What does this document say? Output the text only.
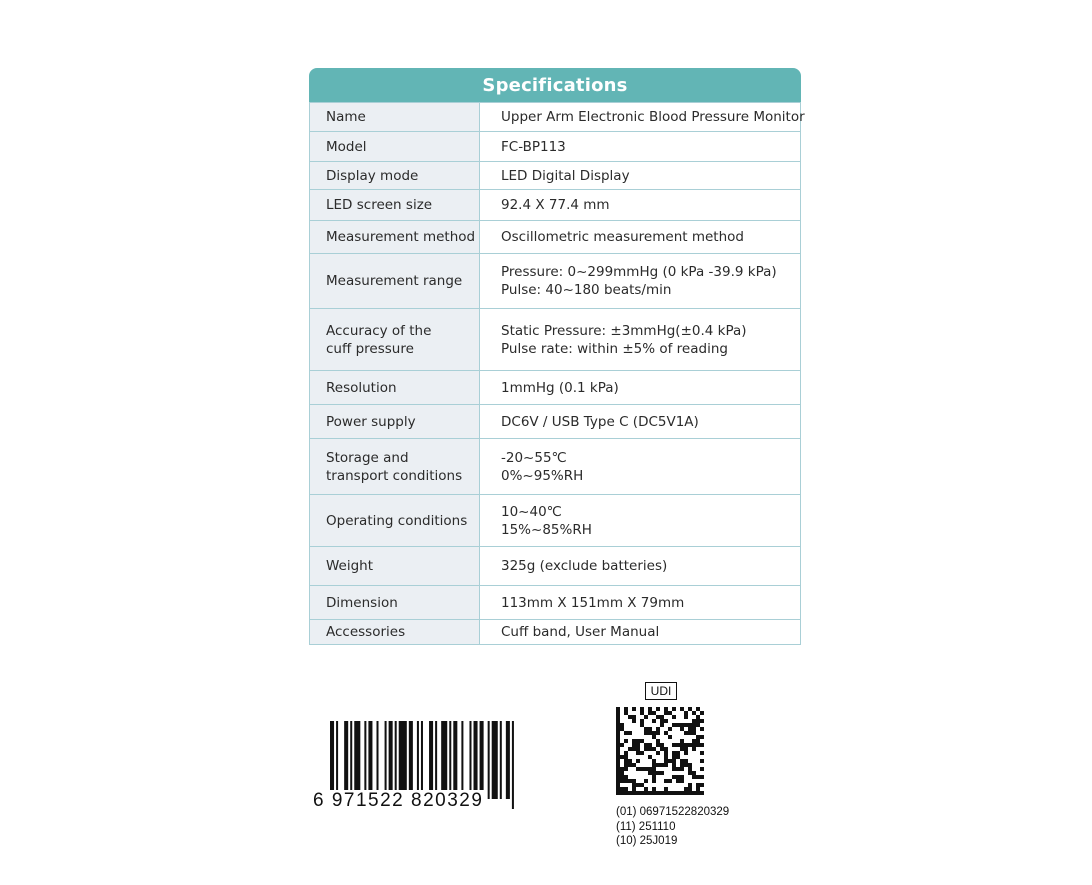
Specifications
Name	Upper Arm Electronic Blood Pressure Monitor

Model	FC-BP113

Display mode	LED Digital Display

LED screen size	92.4 X 77.4 mm

Measurement method	Oscillometric measurement method

Measurement range	Pressure: 0~299mmHg (0 kPa -39.9 kPa)
Pulse: 40~180 beats/min

Accuracy of the
cuff pressure	Static Pressure: ±3mmHg(±0.4 kPa)
Pulse rate: within ±5% of reading

Resolution	1mmHg (0.1 kPa)

Power supply	DC6V / USB Type C (DC5V1A)

Storage and
transport conditions	-20~55℃
0%~95%RH

Operating conditions	10~40℃
15%~85%RH

Weight	325g (exclude batteries)

Dimension	113mm X 151mm X 79mm

Accessories	Cuff band, User Manual
6 971522 820329
UDI
(01) 06971522820329
(11) 251110
(10) 25J019
